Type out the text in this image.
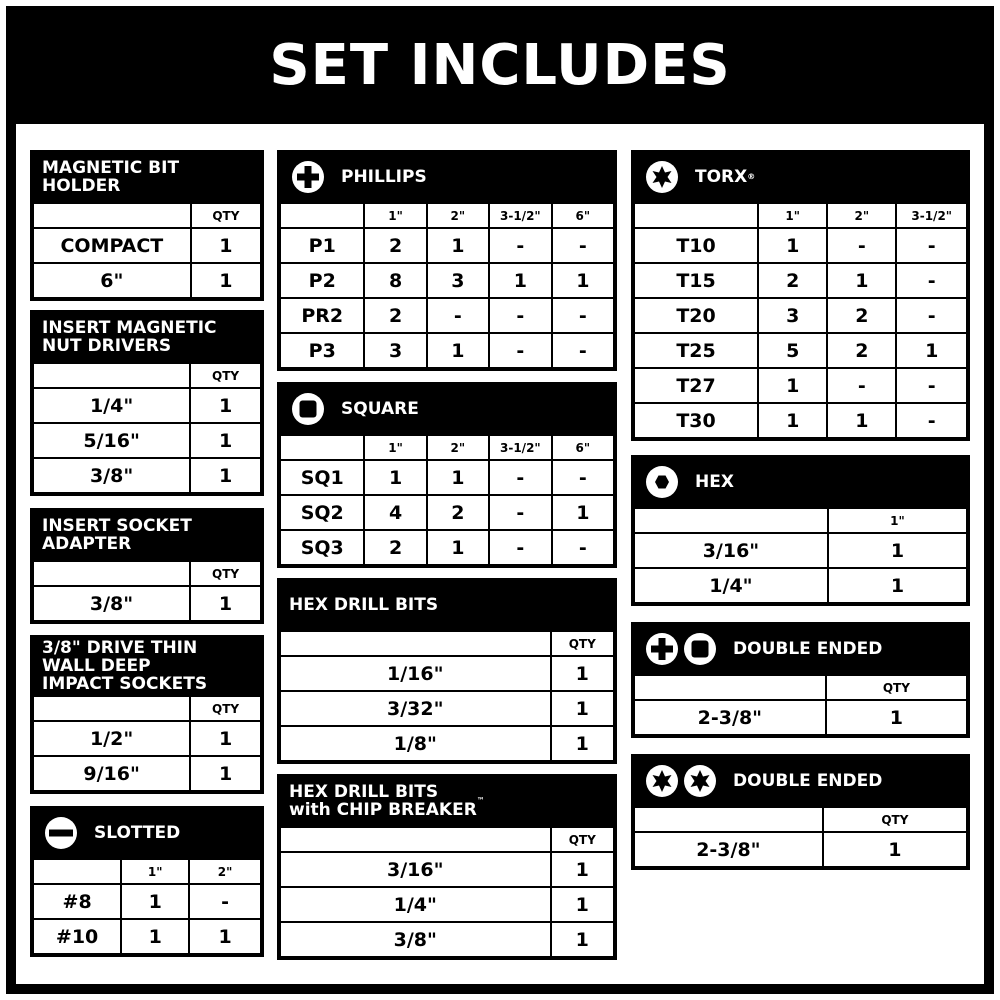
SET INCLUDES
MAGNETIC BIT
HOLDER
	QTY
COMPACT	1
6"	1
INSERT MAGNETIC
NUT DRIVERS
	QTY
1/4"	1
5/16"	1
3/8"	1
INSERT SOCKET
ADAPTER
	QTY
3/8"	1
3/8" DRIVE THIN
WALL DEEP
IMPACT SOCKETS
	QTY
1/2"	1
9/16"	1
SLOTTED
	1"	2"
#8	1	-
#10	1	1
PHILLIPS
	1"	2"	3-1/2"	6"
P1	2	1	-	-
P2	8	3	1	1
PR2	2	-	-	-
P3	3	1	-	-
SQUARE
	1"	2"	3-1/2"	6"
SQ1	1	1	-	-
SQ2	4	2	-	1
SQ3	2	1	-	-
HEX DRILL BITS
	QTY
1/16"	1
3/32"	1
1/8"	1
HEX DRILL BITS
with CHIP BREAKER ™
	QTY
3/16"	1
1/4"	1
3/8"	1
TORX ®
	1"	2"	3-1/2"
T10	1	-	-
T15	2	1	-
T20	3	2	-
T25	5	2	1
T27	1	-	-
T30	1	1	-
HEX
	1"
3/16"	1
1/4"	1
DOUBLE ENDED
	QTY
2-3/8"	1
DOUBLE ENDED
	QTY
2-3/8"	1
